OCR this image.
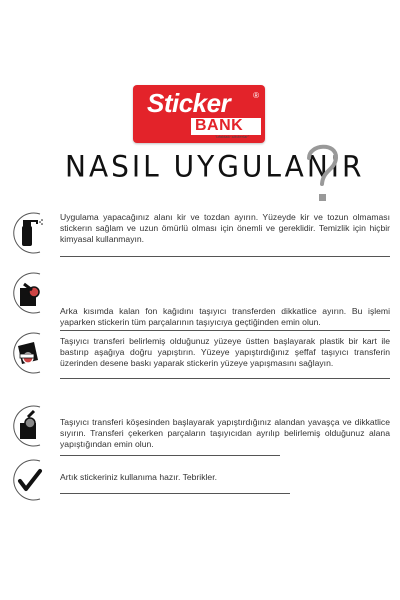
Sticker	®
BANK
"ufaktakı stickerlar"
NASIL UYGULANIR
Uygulama yapacağınız alanı kir ve tozdan ayırın. Yüzeyde kir ve tozun olmaması stickerın sağlam ve uzun ömürlü olması için önemli ve gereklidir. Temizlik için hiçbir kimyasal kullanmayın.
Arka kısımda kalan fon kağıdını taşıyıcı transferden dikkatlice ayırın. Bu işlemi yaparken stickerin tüm parçalarının taşıyıcıya geçtiğinden emin olun.
Taşıyıcı transferi belirlemiş olduğunuz yüzeye üstten başlayarak plastik bir kart ile bastırıp aşağıya doğru yapıştırın. Yüzeye yapıştırdığınız şeffaf taşıyıcı transferin üzerinden desene baskı yaparak stickerin yüzeye yapışmasını sağlayın.
Taşıyıcı transferi köşesinden başlayarak yapıştırdığınız alandan yavaşça ve dikkatlice sıyırın. Transferi çekerken parçaların taşıyıcıdan ayrılıp belirlemiş olduğunuz alana yapıştığından emin olun.
Artık stickeriniz kullanıma hazır. Tebrikler.
